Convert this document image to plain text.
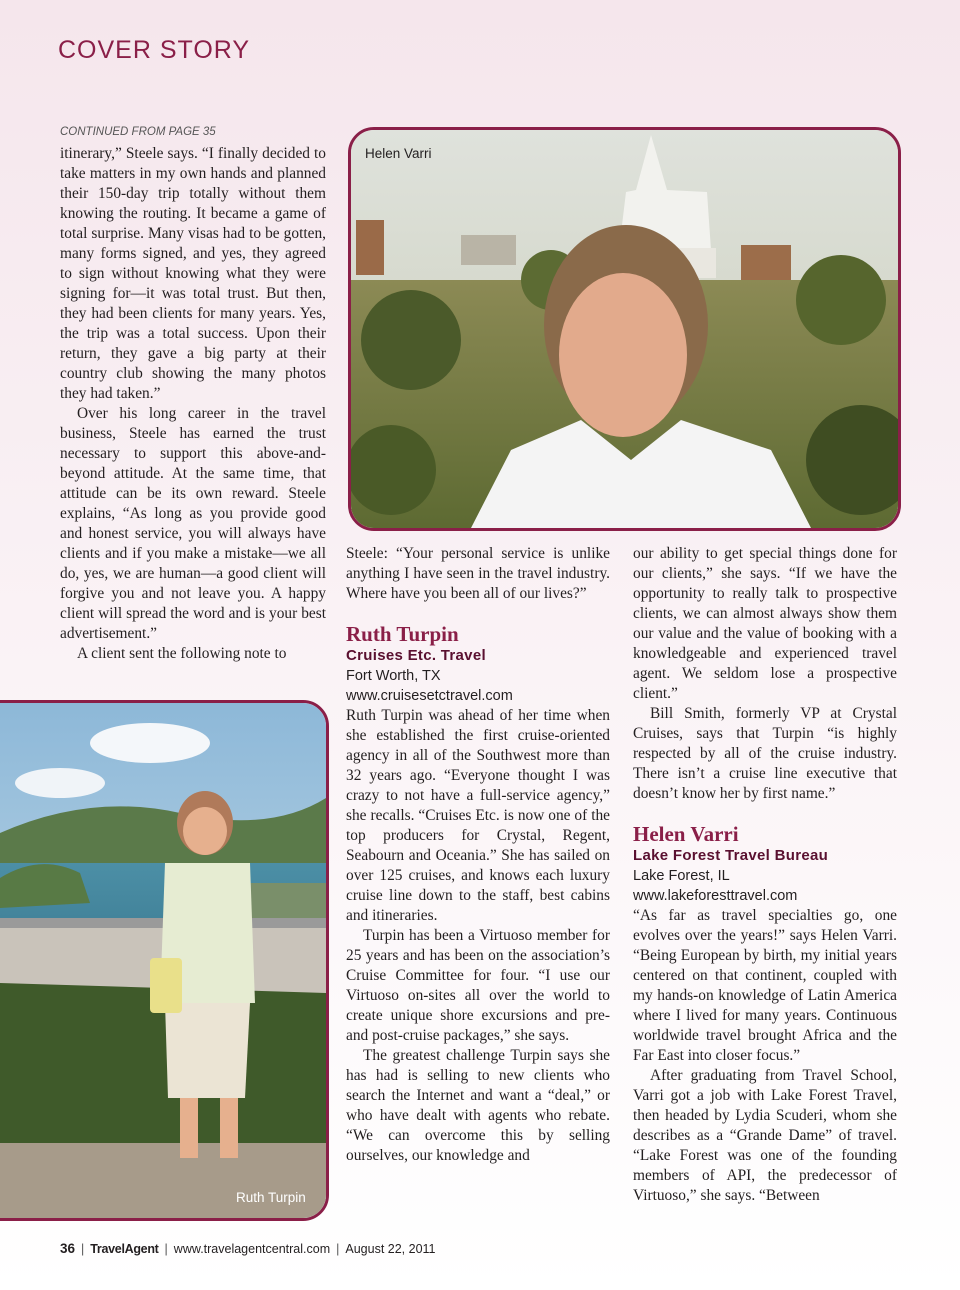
COVER STORY
CONTINUED FROM PAGE 35

itinerary,” Steele says. “I finally decided to take matters in my own hands and planned their 150-day trip totally without them knowing the routing. It became a game of total surprise. Many visas had to be gotten, many forms signed, and yes, they agreed to sign without knowing what they were signing for—it was total trust. But then, they had been clients for many years. Yes, the trip was a total success. Upon their return, they gave a big party at their country club showing the many photos they had taken.”

Over his long career in the travel business, Steele has earned the trust necessary to support this above-and-beyond attitude. At the same time, that attitude can be its own reward. Steele explains, “As long as you provide good and honest service, you will always have clients and if you make a mistake—we all do, yes, we are human—a good client will forgive you and not leave you. A happy client will spread the word and is your best advertisement.”

A client sent the following note to

Helen Varri
Ruth Turpin

Steele: “Your personal service is unlike anything I have seen in the travel industry. Where have you been all of our lives?”

Ruth Turpin
Cruises Etc. Travel
Fort Worth, TX
www.cruisesetctravel.com

Ruth Turpin was ahead of her time when she established the first cruise-oriented agency in all of the Southwest more than 32 years ago. “Everyone thought I was crazy to not have a full-service agency,” she recalls. “Cruises Etc. is now one of the top producers for Crystal, Regent, Seabourn and Oceania.” She has sailed on over 125 cruises, and knows each luxury cruise line down to the staff, best cabins and itineraries.

Turpin has been a Virtuoso member for 25 years and has been on the association’s Cruise Committee for four. “I use our Virtuoso on-sites all over the world to create unique shore excursions and pre- and post-cruise packages,” she says.

The greatest challenge Turpin says she has had is selling to new clients who search the Internet and want a “deal,” or who have dealt with agents who rebate. “We can overcome this by selling ourselves, our knowledge and

our ability to get special things done for our clients,” she says. “If we have the opportunity to really talk to prospective clients, we can almost always show them our value and the value of booking with a knowledgeable and experienced travel agent. We seldom lose a prospective client.”

Bill Smith, formerly VP at Crystal Cruises, says that Turpin “is highly respected by all of the cruise industry. There isn’t a cruise line executive that doesn’t know her by first name.”

Helen Varri
Lake Forest Travel Bureau
Lake Forest, IL
www.lakeforesttravel.com

“As far as travel specialties go, one evolves over the years!” says Helen Varri. “Being European by birth, my initial years centered on that continent, coupled with my hands-on knowledge of Latin America where I lived for many years. Continuous worldwide travel brought Africa and the Far East into closer focus.”

After graduating from Travel School, Varri got a job with Lake Forest Travel, then headed by Lydia Scuderi, whom she describes as a “Grande Dame” of travel. “Lake Forest was one of the founding members of API, the predecessor of Virtuoso,” she says. “Between

36 | TravelAgent | www.travelagentcentral.com | August 22, 2011
